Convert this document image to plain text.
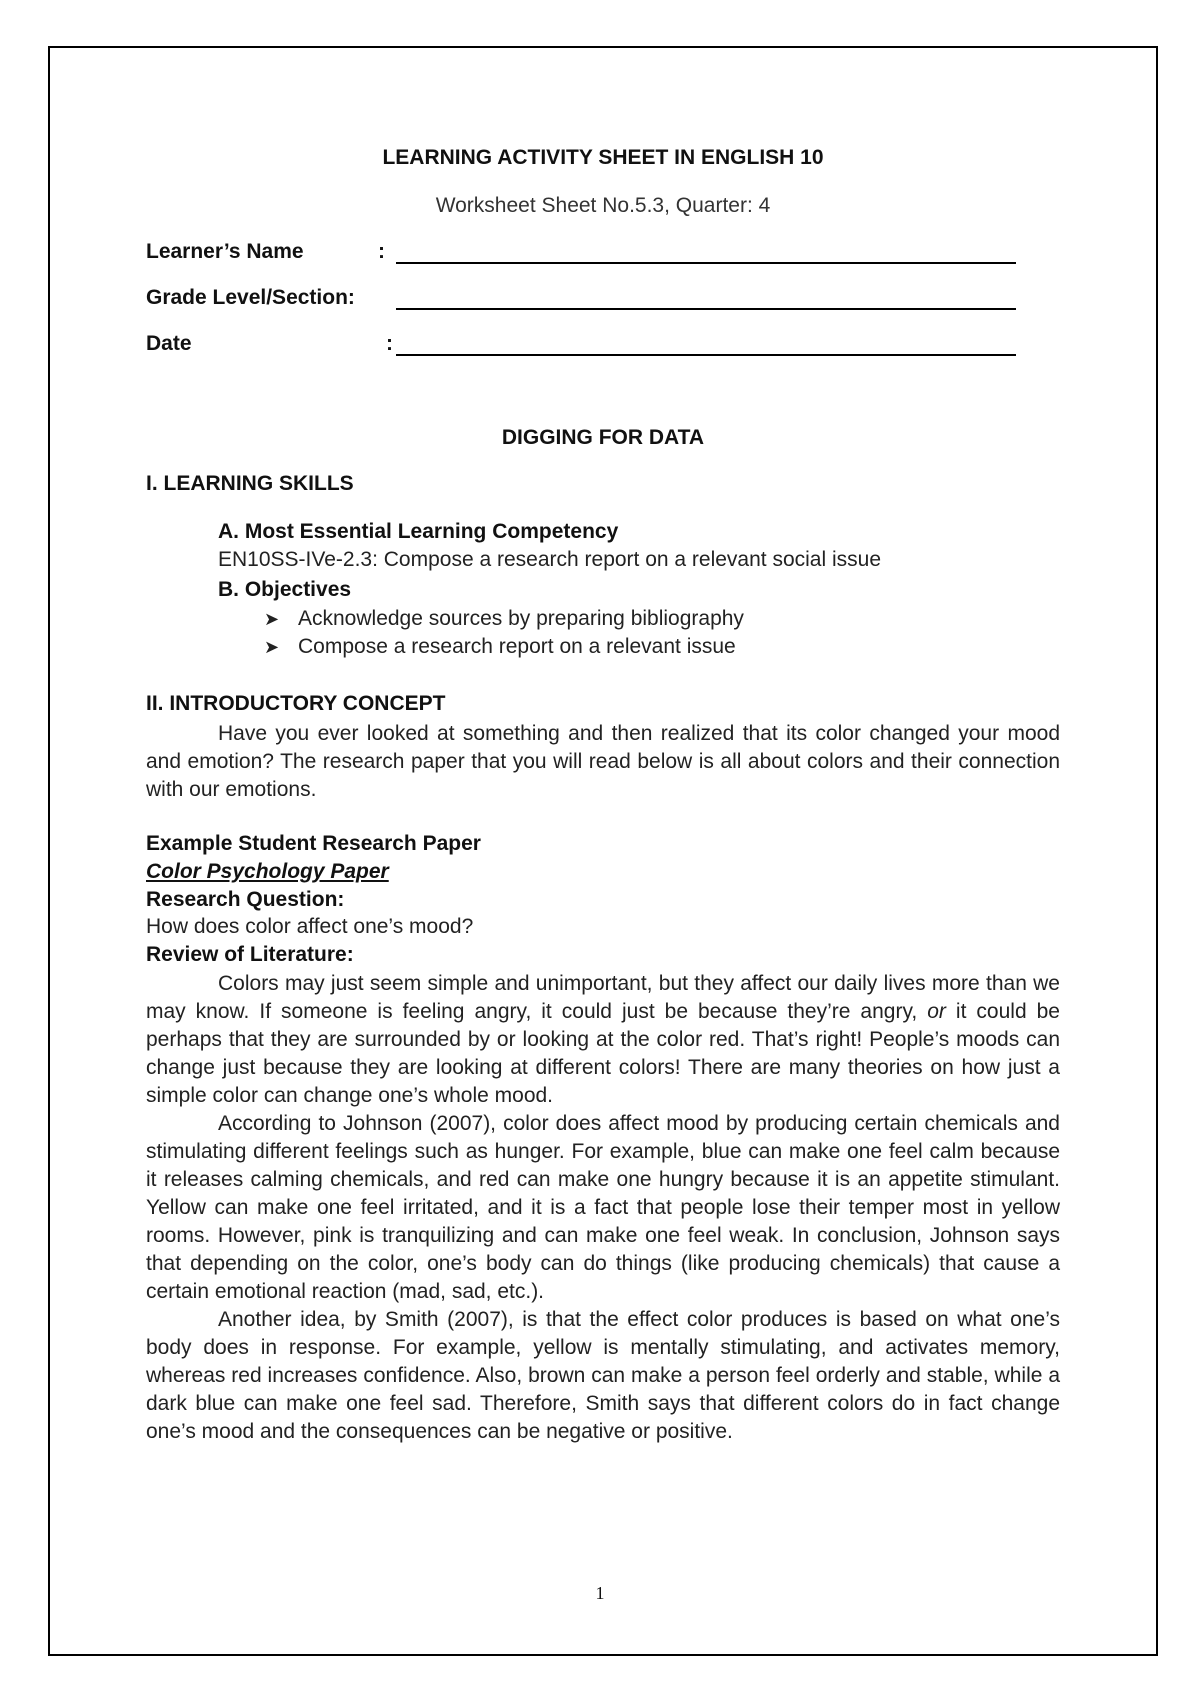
LEARNING ACTIVITY SHEET IN ENGLISH 10
Worksheet Sheet No.5.3, Quarter: 4
Learner’s Name	:
Grade Level/Section:
Date	:
DIGGING FOR DATA
I. LEARNING SKILLS
A. Most Essential Learning Competency
EN10SS-IVe-2.3: Compose a research report on a relevant social issue
B. Objectives
➤ Acknowledge sources by preparing bibliography
➤ Compose a research report on a relevant issue
II. INTRODUCTORY CONCEPT

Have you ever looked at something and then realized that its color changed your mood and emotion? The research paper that you will read below is all about colors and their connection with our emotions.

Example Student Research Paper
Color Psychology Paper
Research Question:
How does color affect one’s mood?
Review of Literature:

Colors may just seem simple and unimportant, but they affect our daily lives more than we may know. If someone is feeling angry, it could just be because they’re angry, or it could be perhaps that they are surrounded by or looking at the color red. That’s right! People’s moods can change just because they are looking at different colors! There are many theories on how just a simple color can change one’s whole mood.

According to Johnson (2007), color does affect mood by producing certain chemicals and stimulating different feelings such as hunger. For example, blue can make one feel calm because it releases calming chemicals, and red can make one hungry because it is an appetite stimulant. Yellow can make one feel irritated, and it is a fact that people lose their temper most in yellow rooms. However, pink is tranquilizing and can make one feel weak. In conclusion, Johnson says that depending on the color, one’s body can do things (like producing chemicals) that cause a certain emotional reaction (mad, sad, etc.).

Another idea, by Smith (2007), is that the effect color produces is based on what one’s body does in response. For example, yellow is mentally stimulating, and activates memory, whereas red increases confidence. Also, brown can make a person feel orderly and stable, while a dark blue can make one feel sad. Therefore, Smith says that different colors do in fact change one’s mood and the consequences can be negative or positive.

1
